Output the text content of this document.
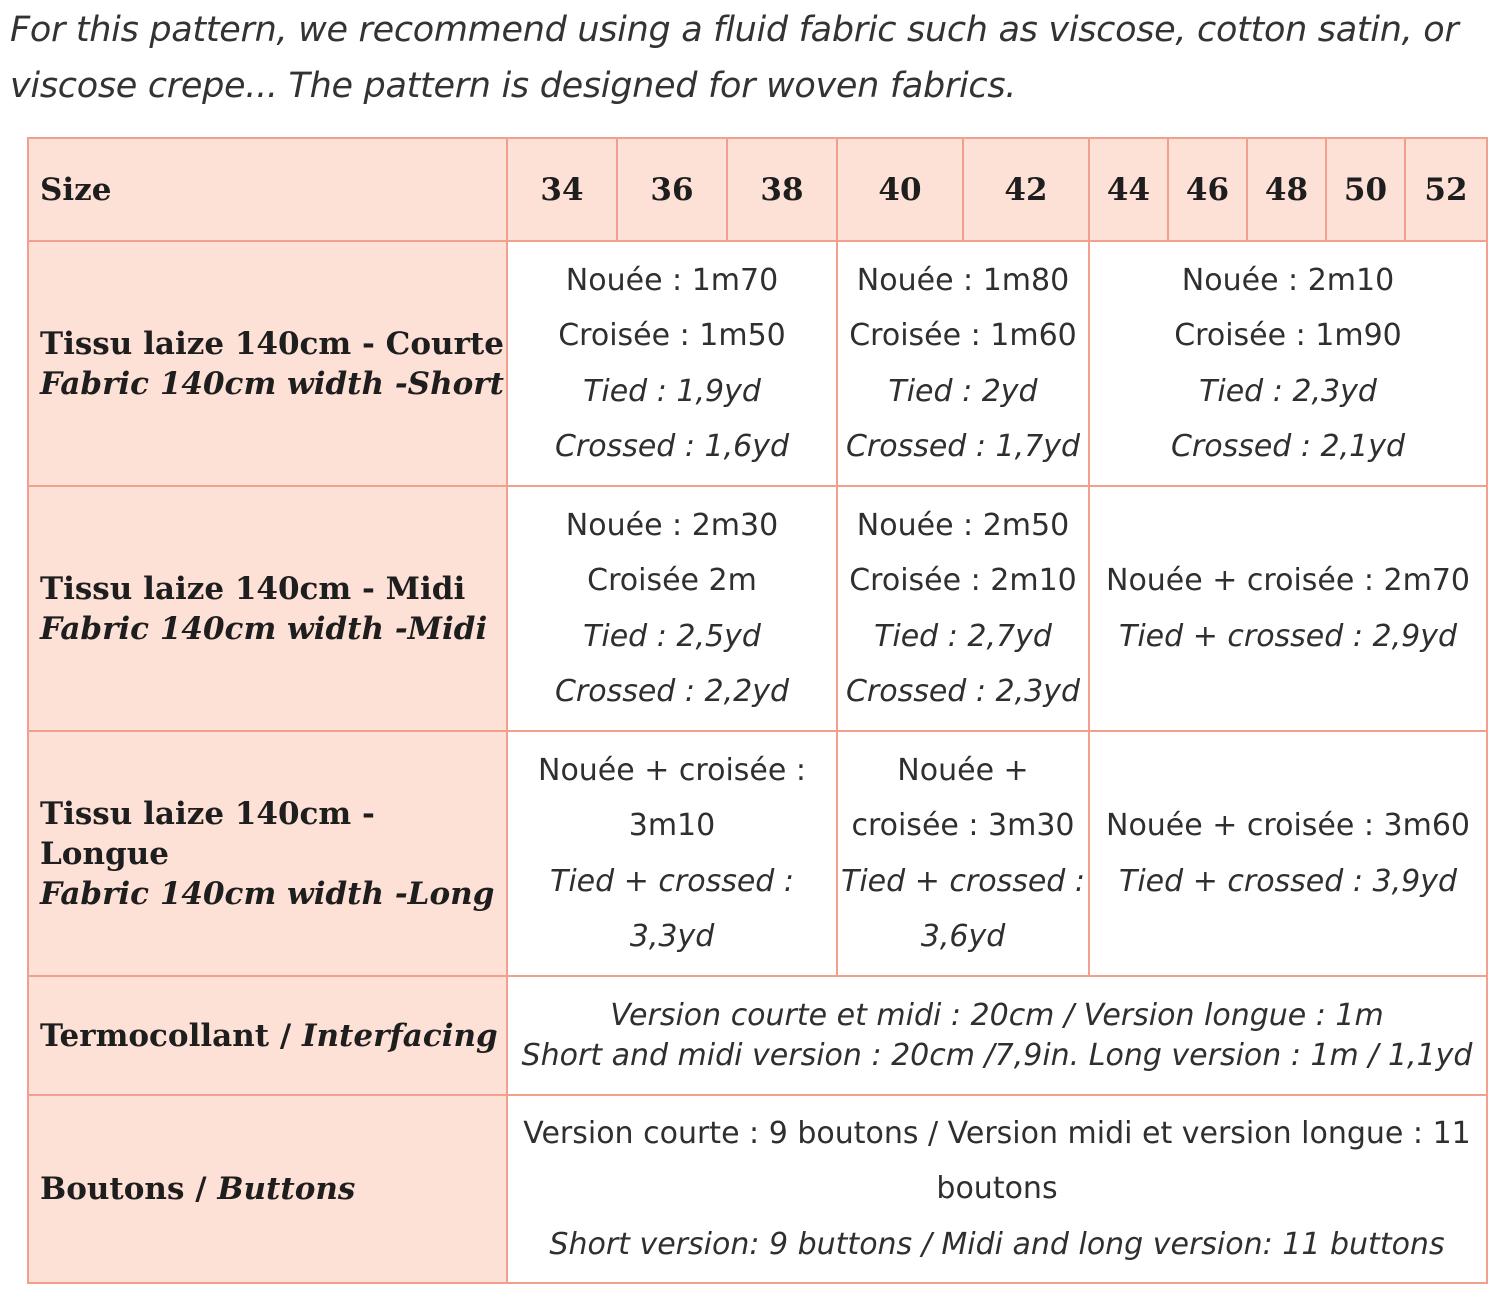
For this pattern, we recommend using a fluid fabric such as viscose, cotton satin, or
viscose crepe... The pattern is designed for woven fabrics.
Size	34	36	38	40	42	44	46	48	50	52

Tissu laize 140cm - Courte
Fabric 140cm width -Short	Nouée : 1m70
Croisée : 1m50
Tied : 1,9yd
Crossed : 1,6yd			Nouée : 1m80
Croisée : 1m60
Tied : 2yd
Crossed : 1,7yd		Nouée : 2m10
Croisée : 1m90
Tied : 2,3yd
Crossed : 2,1yd				

Tissu laize 140cm - Midi
Fabric 140cm width -Midi	Nouée : 2m30
Croisée 2m
Tied : 2,5yd
Crossed : 2,2yd			Nouée : 2m50
Croisée : 2m10
Tied : 2,7yd
Crossed : 2,3yd		Nouée + croisée : 2m70
Tied + crossed : 2,9yd				

Tissu laize 140cm - Longue
Fabric 140cm width -Long	Nouée + croisée :
3m10
Tied + crossed :
3,3yd			Nouée +
croisée : 3m30
Tied + crossed :
3,6yd		Nouée + croisée : 3m60
Tied + crossed : 3,9yd				

Termocollant / Interfacing	Version courte et midi : 20cm / Version longue : 1m
Short and midi version : 20cm /7,9in. Long version : 1m / 1,1yd									

Boutons / Buttons	Version courte : 9 boutons / Version midi et version longue : 11
boutons
Short version: 9 buttons / Midi and long version: 11 buttons									
